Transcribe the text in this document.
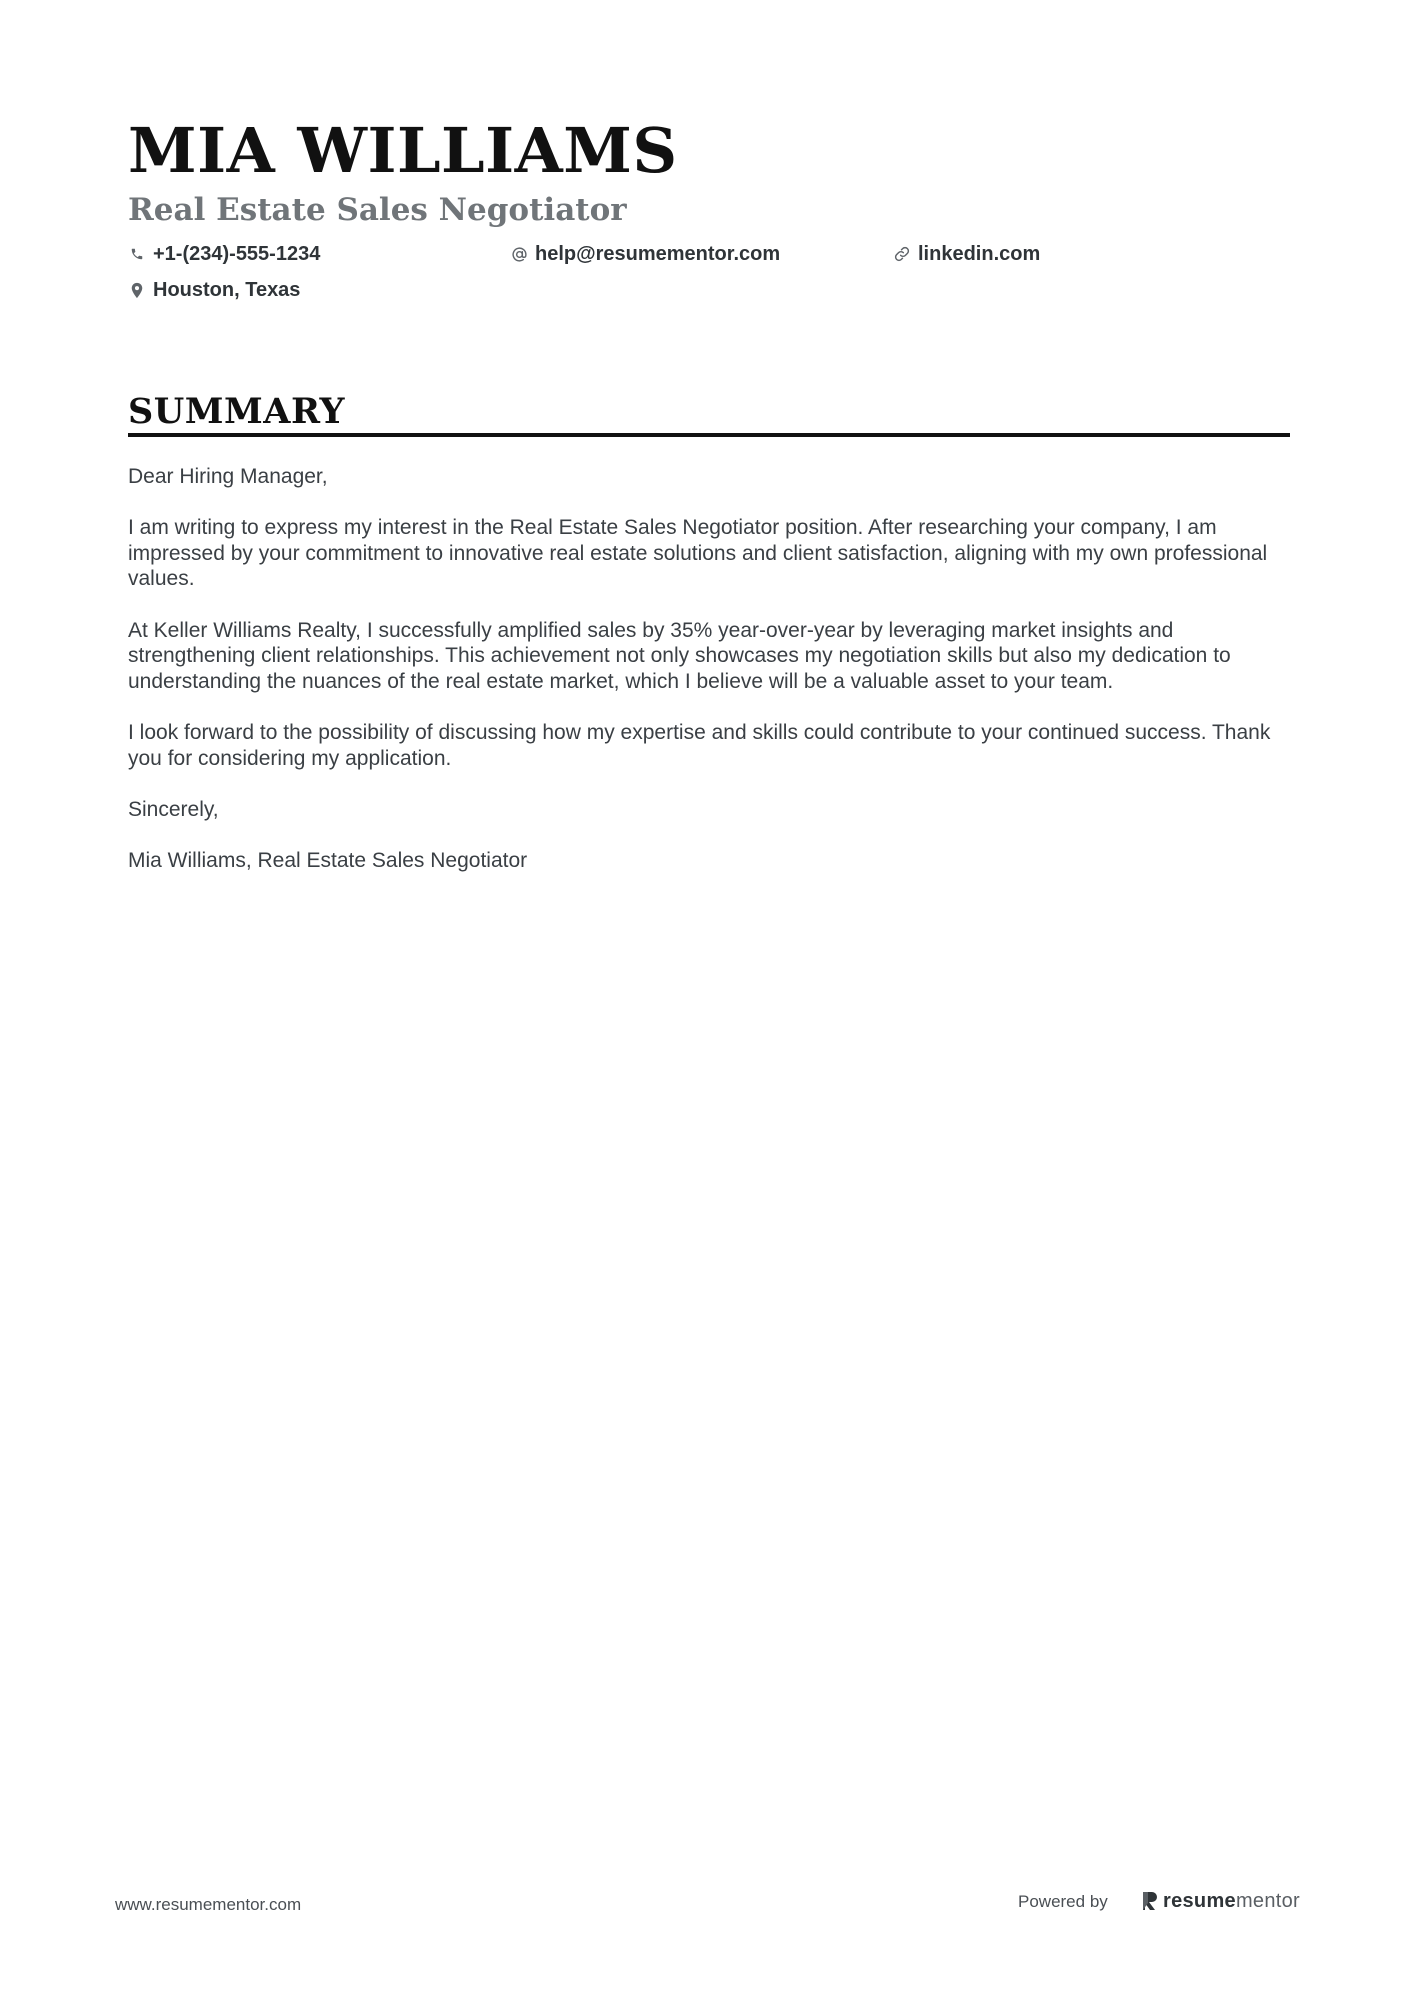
MIA WILLIAMS
Real Estate Sales Negotiator
+1-(234)-555-1234	help@resumementor.com	linkedin.com
Houston, Texas
SUMMARY

Dear Hiring Manager,

I am writing to express my interest in the Real Estate Sales Negotiator position. After researching your company, I am impressed by your commitment to innovative real estate solutions and client satisfaction, aligning with my own professional values.

At Keller Williams Realty, I successfully amplified sales by 35% year-over-year by leveraging market insights and strengthening client relationships. This achievement not only showcases my negotiation skills but also my dedication to understanding the nuances of the real estate market, which I believe will be a valuable asset to your team.

I look forward to the possibility of discussing how my expertise and skills could contribute to your continued success. Thank you for considering my application.

Sincerely,

Mia Williams, Real Estate Sales Negotiator

www.resumementor.com	Powered by	resumementor
